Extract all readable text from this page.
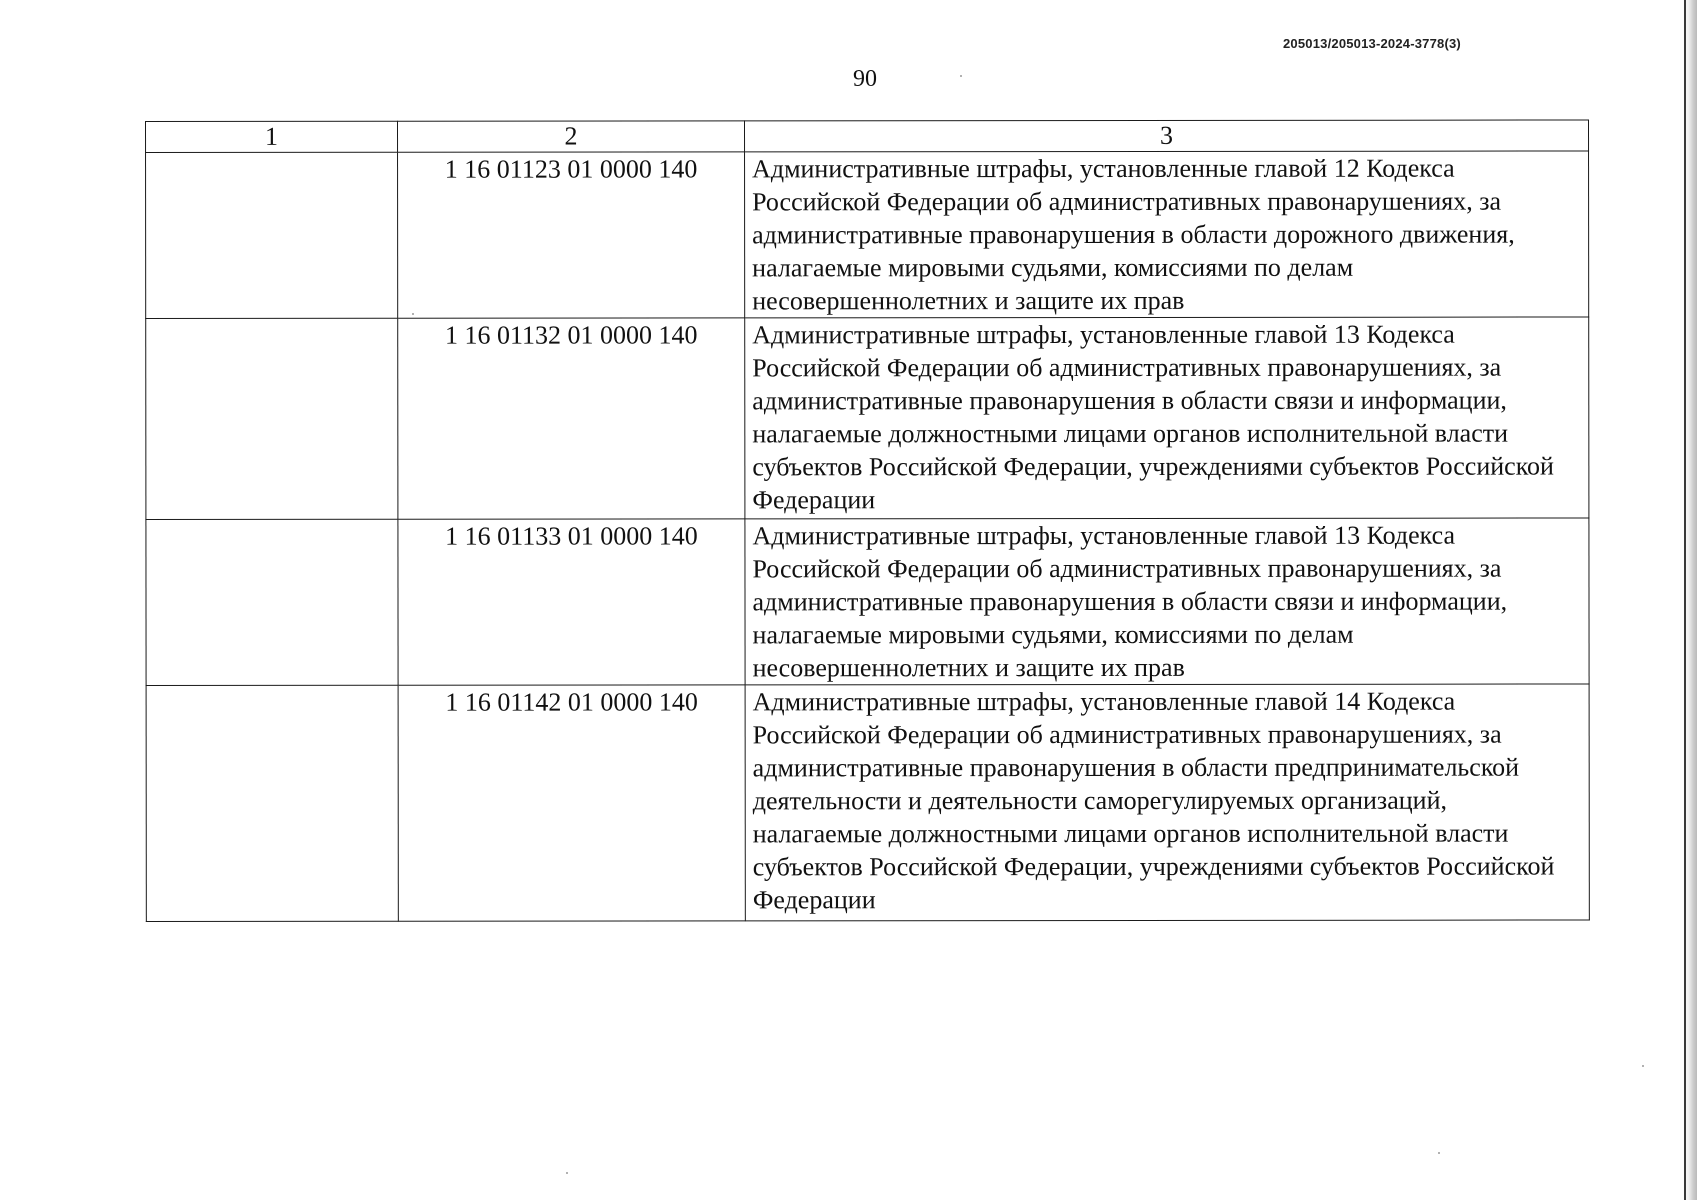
205013/205013-2024-3778(3)
90
1	2	3
	1 16 01123 01 0000 140	Административные штрафы, установленные главой 12 Кодекса Российской Федерации об административных правонарушениях, за административные правонарушения в области дорожного движения, налагаемые мировыми судьями, комиссиями по делам несовершеннолетних и защите их прав
	1 16 01132 01 0000 140	Административные штрафы, установленные главой 13 Кодекса Российской Федерации об административных правонарушениях, за административные правонарушения в области связи и информации, налагаемые должностными лицами органов исполнительной власти субъектов Российской Федерации, учреждениями субъектов Российской Федерации
	1 16 01133 01 0000 140	Административные штрафы, установленные главой 13 Кодекса Российской Федерации об административных правонарушениях, за административные правонарушения в области связи и информации, налагаемые мировыми судьями, комиссиями по делам несовершеннолетних и защите их прав
	1 16 01142 01 0000 140	Административные штрафы, установленные главой 14 Кодекса Российской Федерации об административных правонарушениях, за административные правонарушения в области предпринимательской деятельности и деятельности саморегулируемых организаций, налагаемые должностными лицами органов исполнительной власти субъектов Российской Федерации, учреждениями субъектов Российской Федерации
